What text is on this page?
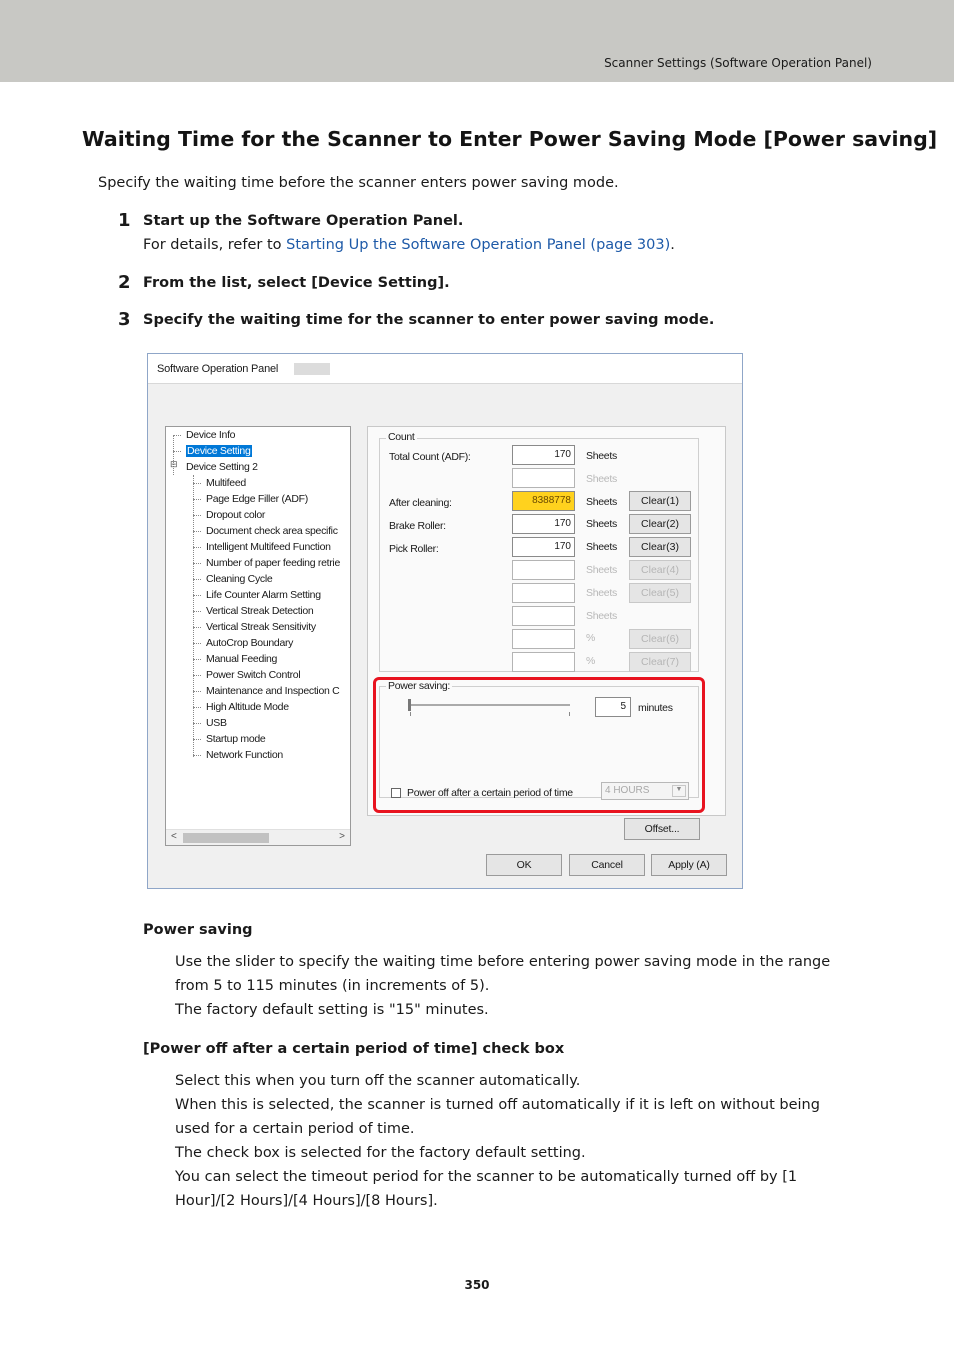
Scanner Settings (Software Operation Panel)
Waiting Time for the Scanner to Enter Power Saving Mode [Power saving]
Specify the waiting time before the scanner enters power saving mode.
1 Start up the Software Operation Panel.
For details, refer to Starting Up the Software Operation Panel (page 303).
2 From the list, select [Device Setting].
3 Specify the waiting time for the scanner to enter power saving mode.
Software Operation Panel
Device Info
Device Setting
⊟ Device Setting 2
Multifeed
Page Edge Filler (ADF)
Dropout color
Document check area specific
Intelligent Multifeed Function
Number of paper feeding retrie
Cleaning Cycle
Life Counter Alarm Setting
Vertical Streak Detection
Vertical Streak Sensitivity
AutoCrop Boundary
Manual Feeding
Power Switch Control
Maintenance and Inspection C
High Altitude Mode
USB
Startup mode
Network Function
<	>
Count
Total Count (ADF):	170	Sheets
Sheets
After cleaning:	8388778	Sheets	Clear(1)
Brake Roller:	170	Sheets	Clear(2)
Pick Roller:	170	Sheets	Clear(3)
Sheets	Clear(4)
Sheets	Clear(5)
Sheets
%	Clear(6)
%	Clear(7)
Power saving:
5	minutes
Power off after a certain period of time	4 HOURS	▼
Offset...
OK	Cancel	Apply (A)
Power saving

Use the slider to specify the waiting time before entering power saving mode in the range

from 5 to 115 minutes (in increments of 5).

The factory default setting is "15" minutes.

[Power off after a certain period of time] check box

Select this when you turn off the scanner automatically.

When this is selected, the scanner is turned off automatically if it is left on without being

used for a certain period of time.

The check box is selected for the factory default setting.

You can select the timeout period for the scanner to be automatically turned off by [1

Hour]/[2 Hours]/[4 Hours]/[8 Hours].

350
